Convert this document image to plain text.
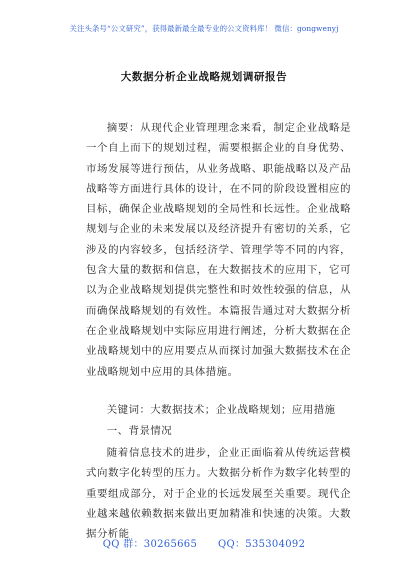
关注头条号“公文研究”，获得最新最全最专业的公文资料库！ 微信：gongwenyj
大数据分析企业战略规划调研报告
摘要：从现代企业管理理念来看，制定企业战略是一个自上而下的规划过程，需要根据企业的自身优势、市场发展等进行预估，从业务战略、职能战略以及产品战略等方面进行具体的设计，在不同的阶段设置相应的目标，确保企业战略规划的全局性和长远性。企业战略规划与企业的未来发展以及经济提升有密切的关系，它涉及的内容较多，包括经济学、管理学等不同的内容，包含大量的数据和信息，在大数据技术的应用下，它可以为企业战略规划提供完整性和时效性较强的信息，从而确保战略规划的有效性。本篇报告通过对大数据分析在企业战略规划中实际应用进行阐述，分析大数据在企业战略规划中的应用要点从而探讨加强大数据技术在企业战略规划中应用的具体措施。
关键词：大数据技术；企业战略规划；应用措施
一、背景情况
随着信息技术的进步，企业正面临着从传统运营模式向数字化转型的压力。大数据分析作为数字化转型的重要组成部分，对于企业的长远发展至关重要。现代企业越来越依赖数据来做出更加精准和快速的决策。大数据分析能
QQ 群：30265665 QQ：535304092
